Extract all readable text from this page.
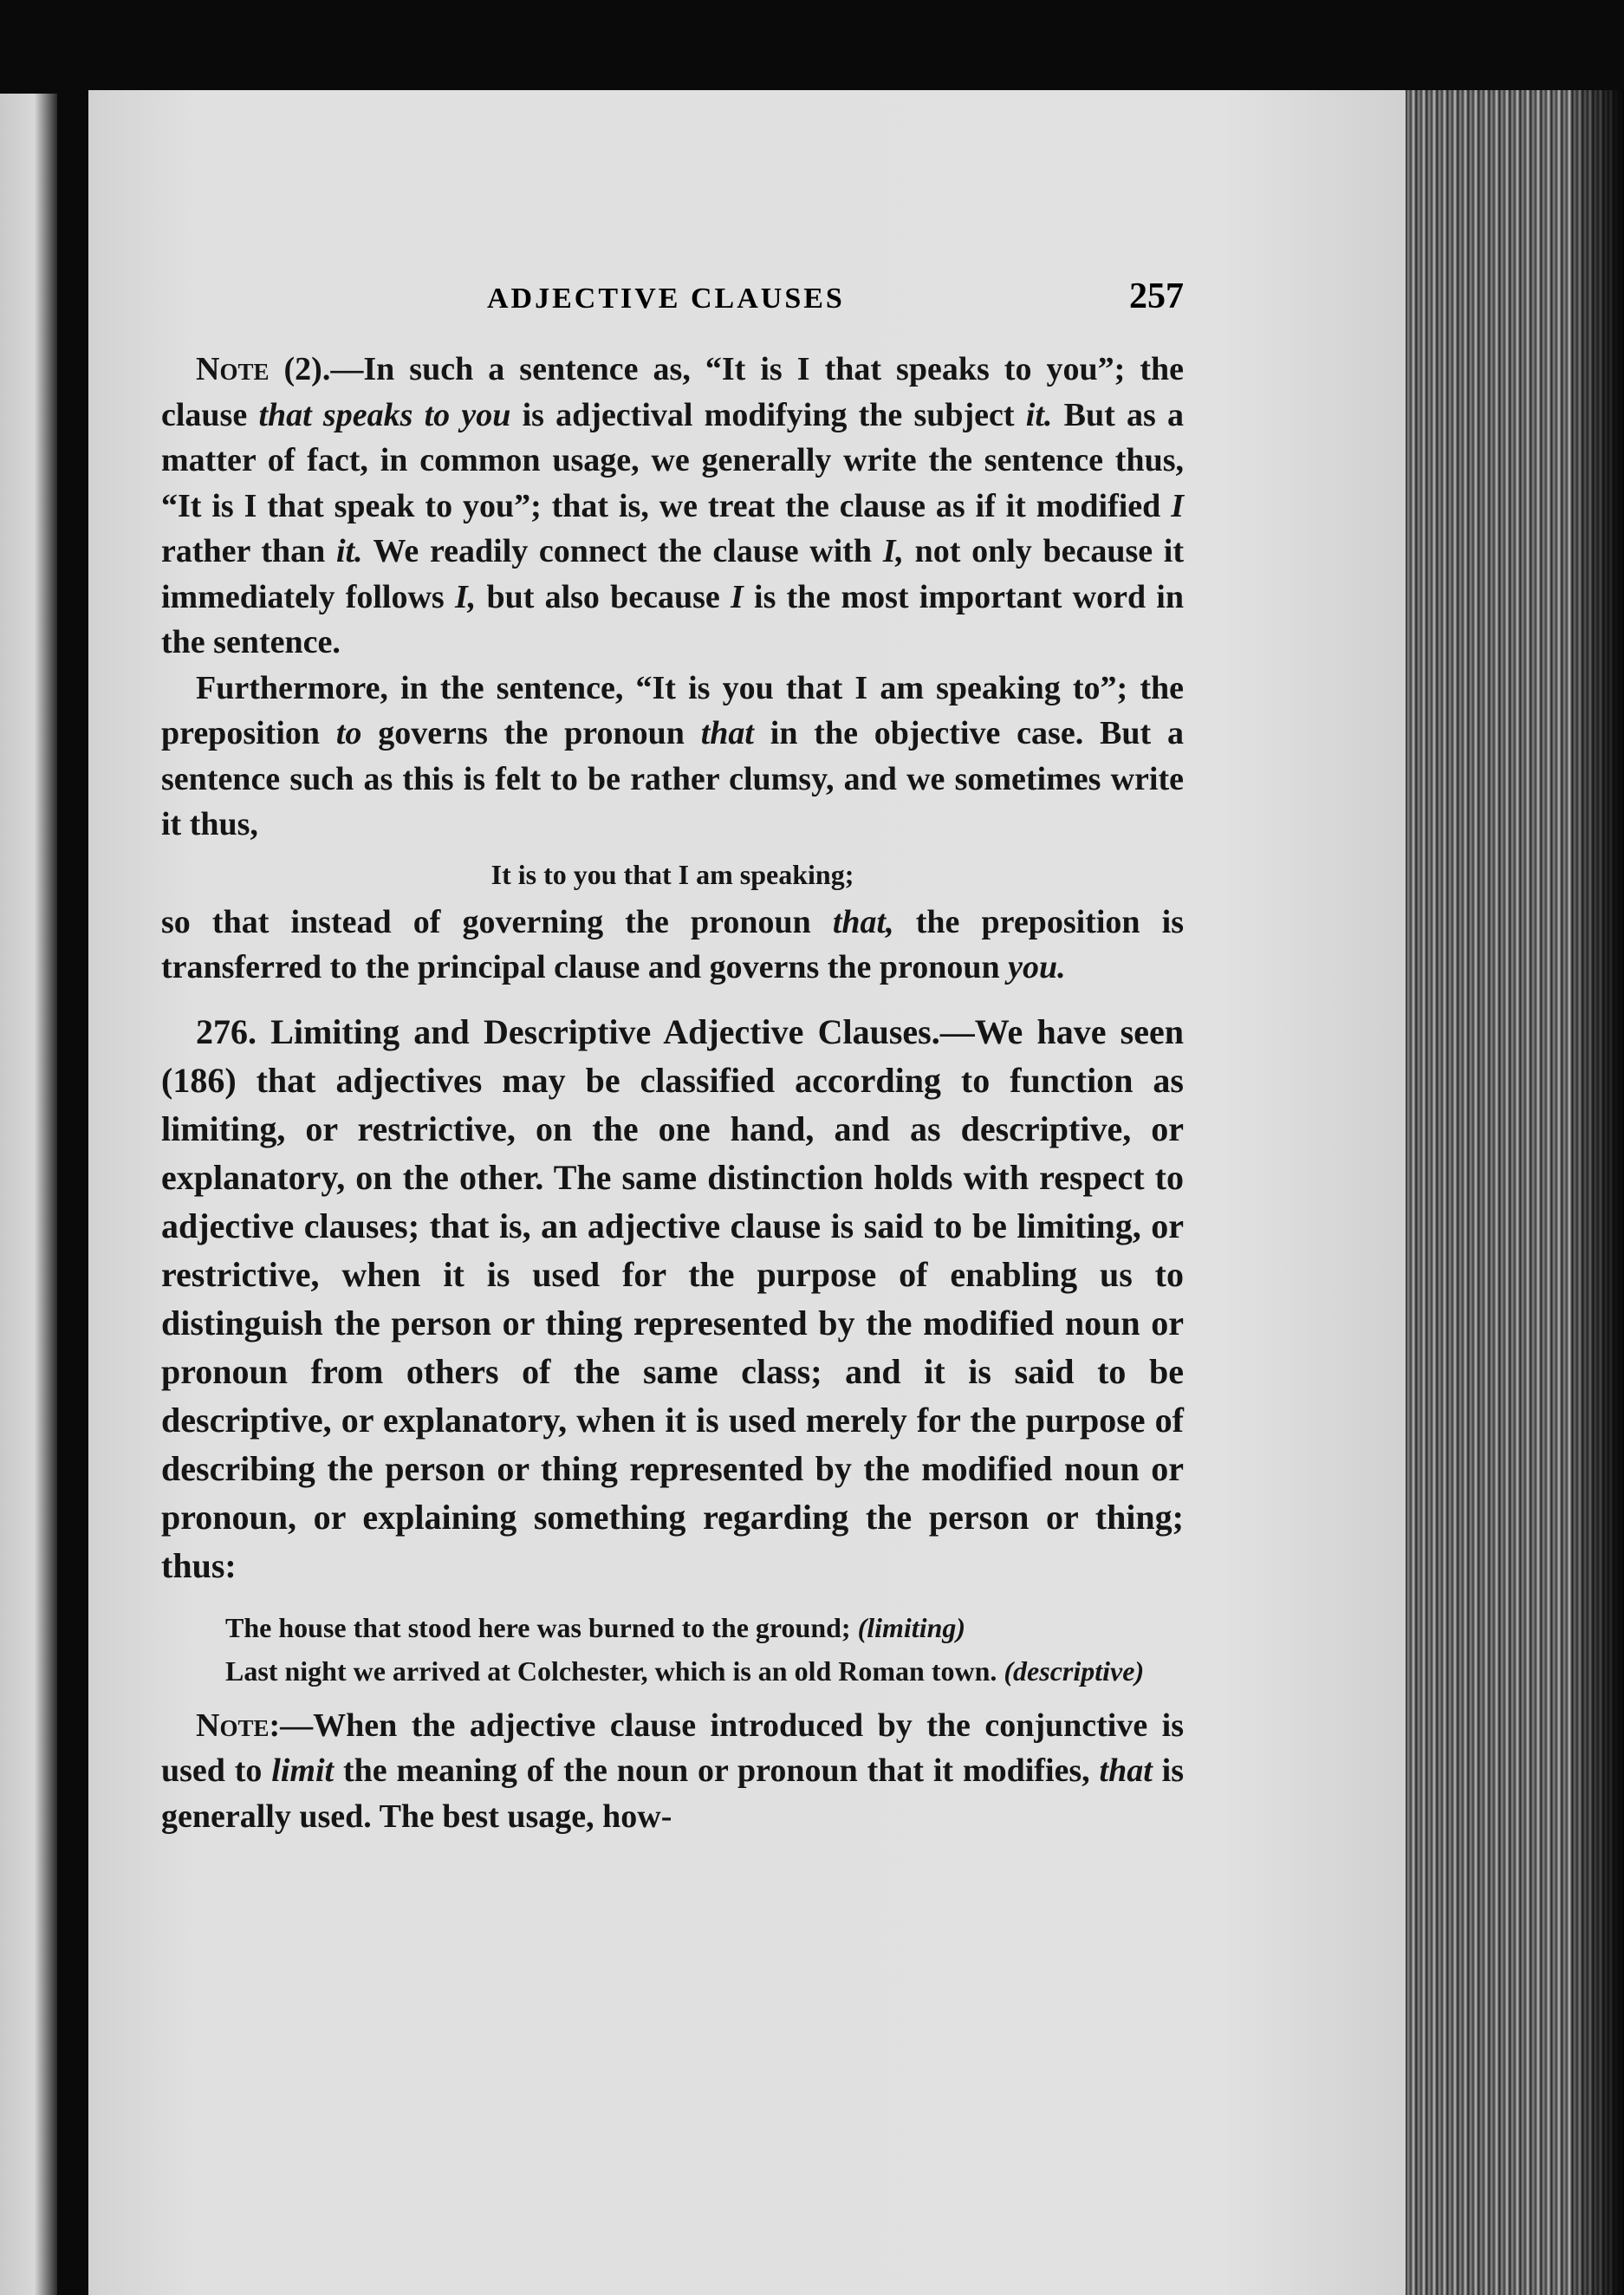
ADJECTIVE CLAUSES	257

Note (2).—In such a sentence as, “It is I that speaks to you”; the clause that speaks to you is adjectival modifying the subject it. But as a matter of fact, in common usage, we generally write the sentence thus, “It is I that speak to you”; that is, we treat the clause as if it modified I rather than it. We readily connect the clause with I, not only because it immediately follows I, but also because I is the most important word in the sentence.

Furthermore, in the sentence, “It is you that I am speaking to”; the preposition to governs the pronoun that in the objective case. But a sentence such as this is felt to be rather clumsy, and we sometimes write it thus,

It is to you that I am speaking;

so that instead of governing the pronoun that, the preposition is transferred to the principal clause and governs the pronoun you.

276. Limiting and Descriptive Adjective Clauses.—We have seen (186) that adjectives may be classified according to function as limiting, or restrictive, on the one hand, and as descriptive, or explanatory, on the other. The same distinction holds with respect to adjective clauses; that is, an adjective clause is said to be limiting, or restrictive, when it is used for the purpose of enabling us to distinguish the person or thing represented by the modified noun or pronoun from others of the same class; and it is said to be descriptive, or explanatory, when it is used merely for the purpose of describing the person or thing represented by the modified noun or pronoun, or explaining something regarding the person or thing; thus:

The house that stood here was burned to the ground; (limiting)
Last night we arrived at Colchester, which is an old Roman town. (descriptive)

Note:—When the adjective clause introduced by the conjunctive is used to limit the meaning of the noun or pronoun that it modifies, that is generally used. The best usage, how-
